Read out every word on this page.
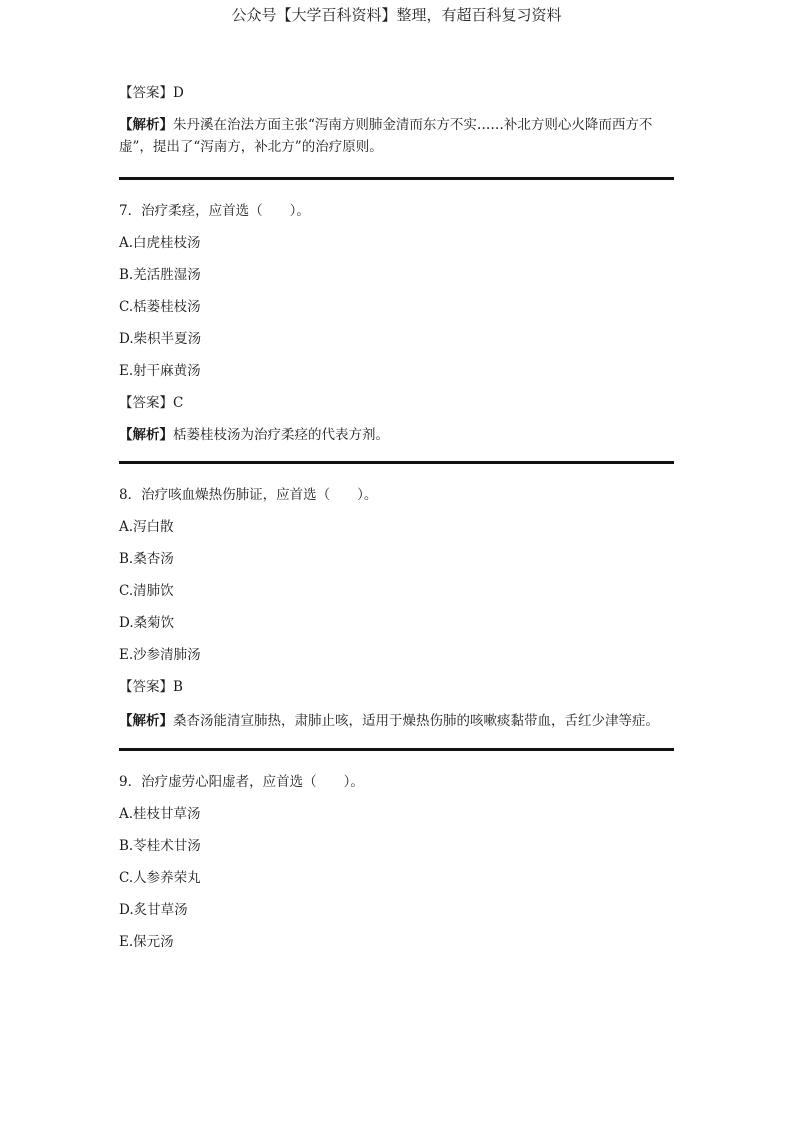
公众号【大学百科资料】整理，有超百科复习资料

【答案】D

【解析】朱丹溪在治法方面主张“泻南方则肺金清而东方不实……补北方则心火降而西方不虚”，提出了“泻南方，补北方”的治疗原则。

7．治疗柔痉，应首选（　　）。

A.白虎桂枝汤

B.羌活胜湿汤

C.栝蒌桂枝汤

D.柴枳半夏汤

E.射干麻黄汤

【答案】C

【解析】栝蒌桂枝汤为治疗柔痉的代表方剂。

8．治疗咳血燥热伤肺证，应首选（　　）。

A.泻白散

B.桑杏汤

C.清肺饮

D.桑菊饮

E.沙参清肺汤

【答案】B

【解析】桑杏汤能清宣肺热，肃肺止咳，适用于燥热伤肺的咳嗽痰黏带血，舌红少津等症。

9．治疗虚劳心阳虚者，应首选（　　）。

A.桂枝甘草汤

B.苓桂术甘汤

C.人参养荣丸

D.炙甘草汤

E.保元汤
